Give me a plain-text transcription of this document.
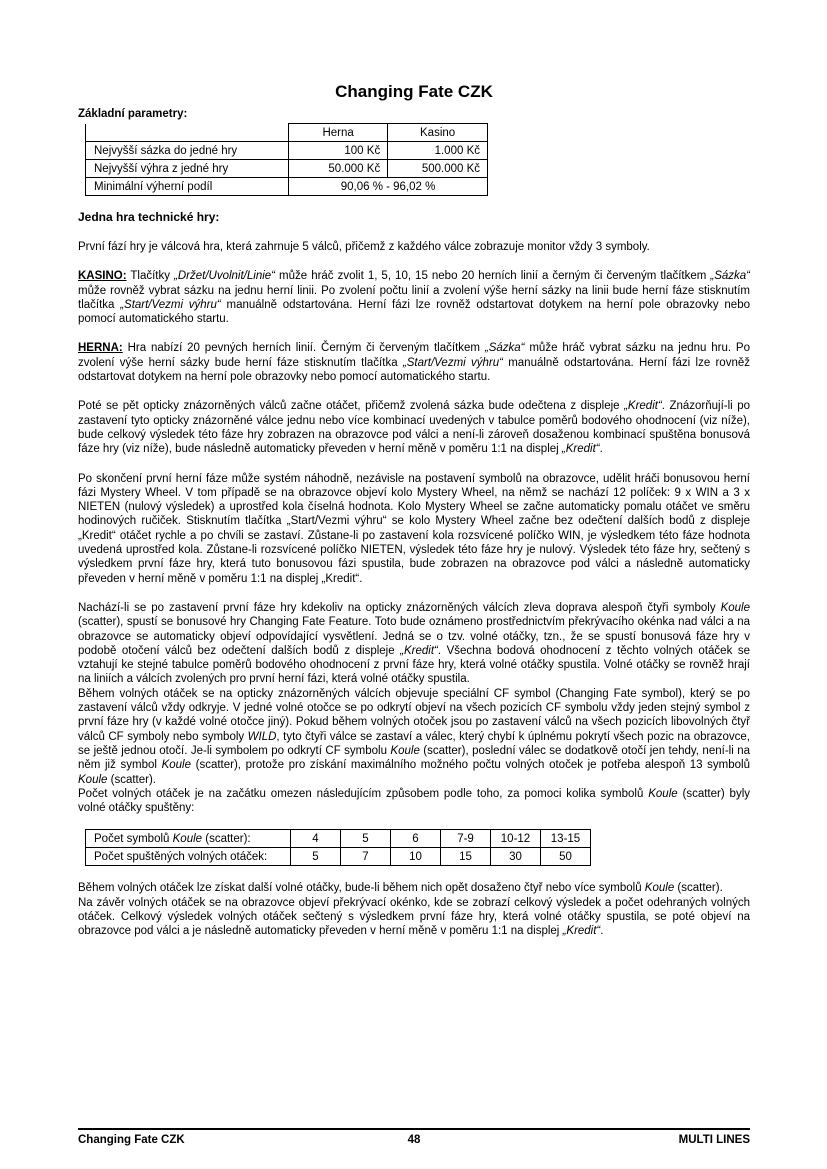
Changing Fate CZK
Základní parametry:
	Herna	Kasino
Nejvyšší sázka do jedné hry	100 Kč	1.000 Kč
Nejvyšší výhra z jedné hry	50.000 Kč	500.000 Kč
Minimální výherní podíl	90,06 % - 96,02 %	
Jedna hra technické hry:

První fází hry je válcová hra, která zahrnuje 5 válců, přičemž z každého válce zobrazuje monitor vždy 3 symboly.

KASINO: Tlačítky „Držet/Uvolnit/Linie“ může hráč zvolit 1, 5, 10, 15 nebo 20 herních linií a černým či červeným tlačítkem „Sázka“ může rovněž vybrat sázku na jednu herní linii. Po zvolení počtu linií a zvolení výše herní sázky na linii bude herní fáze stisknutím tlačítka „Start/Vezmi výhru“ manuálně odstartována. Herní fázi lze rovněž odstartovat dotykem na herní pole obrazovky nebo pomocí automatického startu.

HERNA: Hra nabízí 20 pevných herních linií. Černým či červeným tlačítkem „Sázka“ může hráč vybrat sázku na jednu hru. Po zvolení výše herní sázky bude herní fáze stisknutím tlačítka „Start/Vezmi výhru“ manuálně odstartována. Herní fázi lze rovněž odstartovat dotykem na herní pole obrazovky nebo pomocí automatického startu.

Poté se pět opticky znázorněných válců začne otáčet, přičemž zvolená sázka bude odečtena z displeje „Kredit“. Znázorňují-li po zastavení tyto opticky znázorněné válce jednu nebo více kombinací uvedených v tabulce poměrů bodového ohodnocení (viz níže), bude celkový výsledek této fáze hry zobrazen na obrazovce pod válci a není-li zároveň dosaženou kombinací spuštěna bonusová fáze hry (viz níže), bude následně automaticky převeden v herní měně v poměru 1:1 na displej „Kredit“.

Po skončení první herní fáze může systém náhodně, nezávisle na postavení symbolů na obrazovce, udělit hráči bonusovou herní fázi Mystery Wheel. V tom případě se na obrazovce objeví kolo Mystery Wheel, na němž se nachází 12 políček: 9 x WIN a 3 x NIETEN (nulový výsledek) a uprostřed kola číselná hodnota. Kolo Mystery Wheel se začne automaticky pomalu otáčet ve směru hodinových ručiček. Stisknutím tlačítka „Start/Vezmi výhru“ se kolo Mystery Wheel začne bez odečtení dalších bodů z displeje „Kredit“ otáčet rychle a po chvíli se zastaví. Zůstane-li po zastavení kola rozsvícené políčko WIN, je výsledkem této fáze hodnota uvedená uprostřed kola. Zůstane-li rozsvícené políčko NIETEN, výsledek této fáze hry je nulový. Výsledek této fáze hry, sečtený s výsledkem první fáze hry, která tuto bonusovou fázi spustila, bude zobrazen na obrazovce pod válci a následně automaticky převeden v herní měně v poměru 1:1 na displej „Kredit“.

Nachází-li se po zastavení první fáze hry kdekoliv na opticky znázorněných válcích zleva doprava alespoň čtyři symboly Koule (scatter), spustí se bonusové hry Changing Fate Feature. Toto bude oznámeno prostřednictvím překrývacího okénka nad válci a na obrazovce se automaticky objeví odpovídající vysvětlení. Jedná se o tzv. volné otáčky, tzn., že se spustí bonusová fáze hry v podobě otočení válců bez odečtení dalších bodů z displeje „Kredit“. Všechna bodová ohodnocení z těchto volných otáček se vztahují ke stejné tabulce poměrů bodového ohodnocení z první fáze hry, která volné otáčky spustila. Volné otáčky se rovněž hrají na liniích a válcích zvolených pro první herní fázi, která volné otáčky spustila.

Během volných otáček se na opticky znázorněných válcích objevuje speciální CF symbol (Changing Fate symbol), který se po zastavení válců vždy odkryje. V jedné volné otočce se po odkrytí objeví na všech pozicích CF symbolu vždy jeden stejný symbol z první fáze hry (v každé volné otočce jiný). Pokud během volných otoček jsou po zastavení válců na všech pozicích libovolných čtyř válců CF symboly nebo symboly WILD, tyto čtyři válce se zastaví a válec, který chybí k úplnému pokrytí všech pozic na obrazovce, se ještě jednou otočí. Je-li symbolem po odkrytí CF symbolu Koule (scatter), poslední válec se dodatkově otočí jen tehdy, není-li na něm již symbol Koule (scatter), protože pro získání maximálního možného počtu volných otoček je potřeba alespoň 13 symbolů Koule (scatter).

Počet volných otáček je na začátku omezen následujícím způsobem podle toho, za pomoci kolika symbolů Koule (scatter) byly volné otáčky spuštěny:

Počet symbolů Koule (scatter):	4	5	6	7-9	10-12	13-15
Počet spuštěných volných otáček:	5	7	10	15	30	50

Během volných otáček lze získat další volné otáčky, bude-li během nich opět dosaženo čtyř nebo více symbolů Koule (scatter).

Na závěr volných otáček se na obrazovce objeví překrývací okénko, kde se zobrazí celkový výsledek a počet odehraných volných otáček. Celkový výsledek volných otáček sečtený s výsledkem první fáze hry, která volné otáčky spustila, se poté objeví na obrazovce pod válci a je následně automaticky převeden v herní měně v poměru 1:1 na displej „Kredit“.

Changing Fate CZK	48	MULTI LINES
